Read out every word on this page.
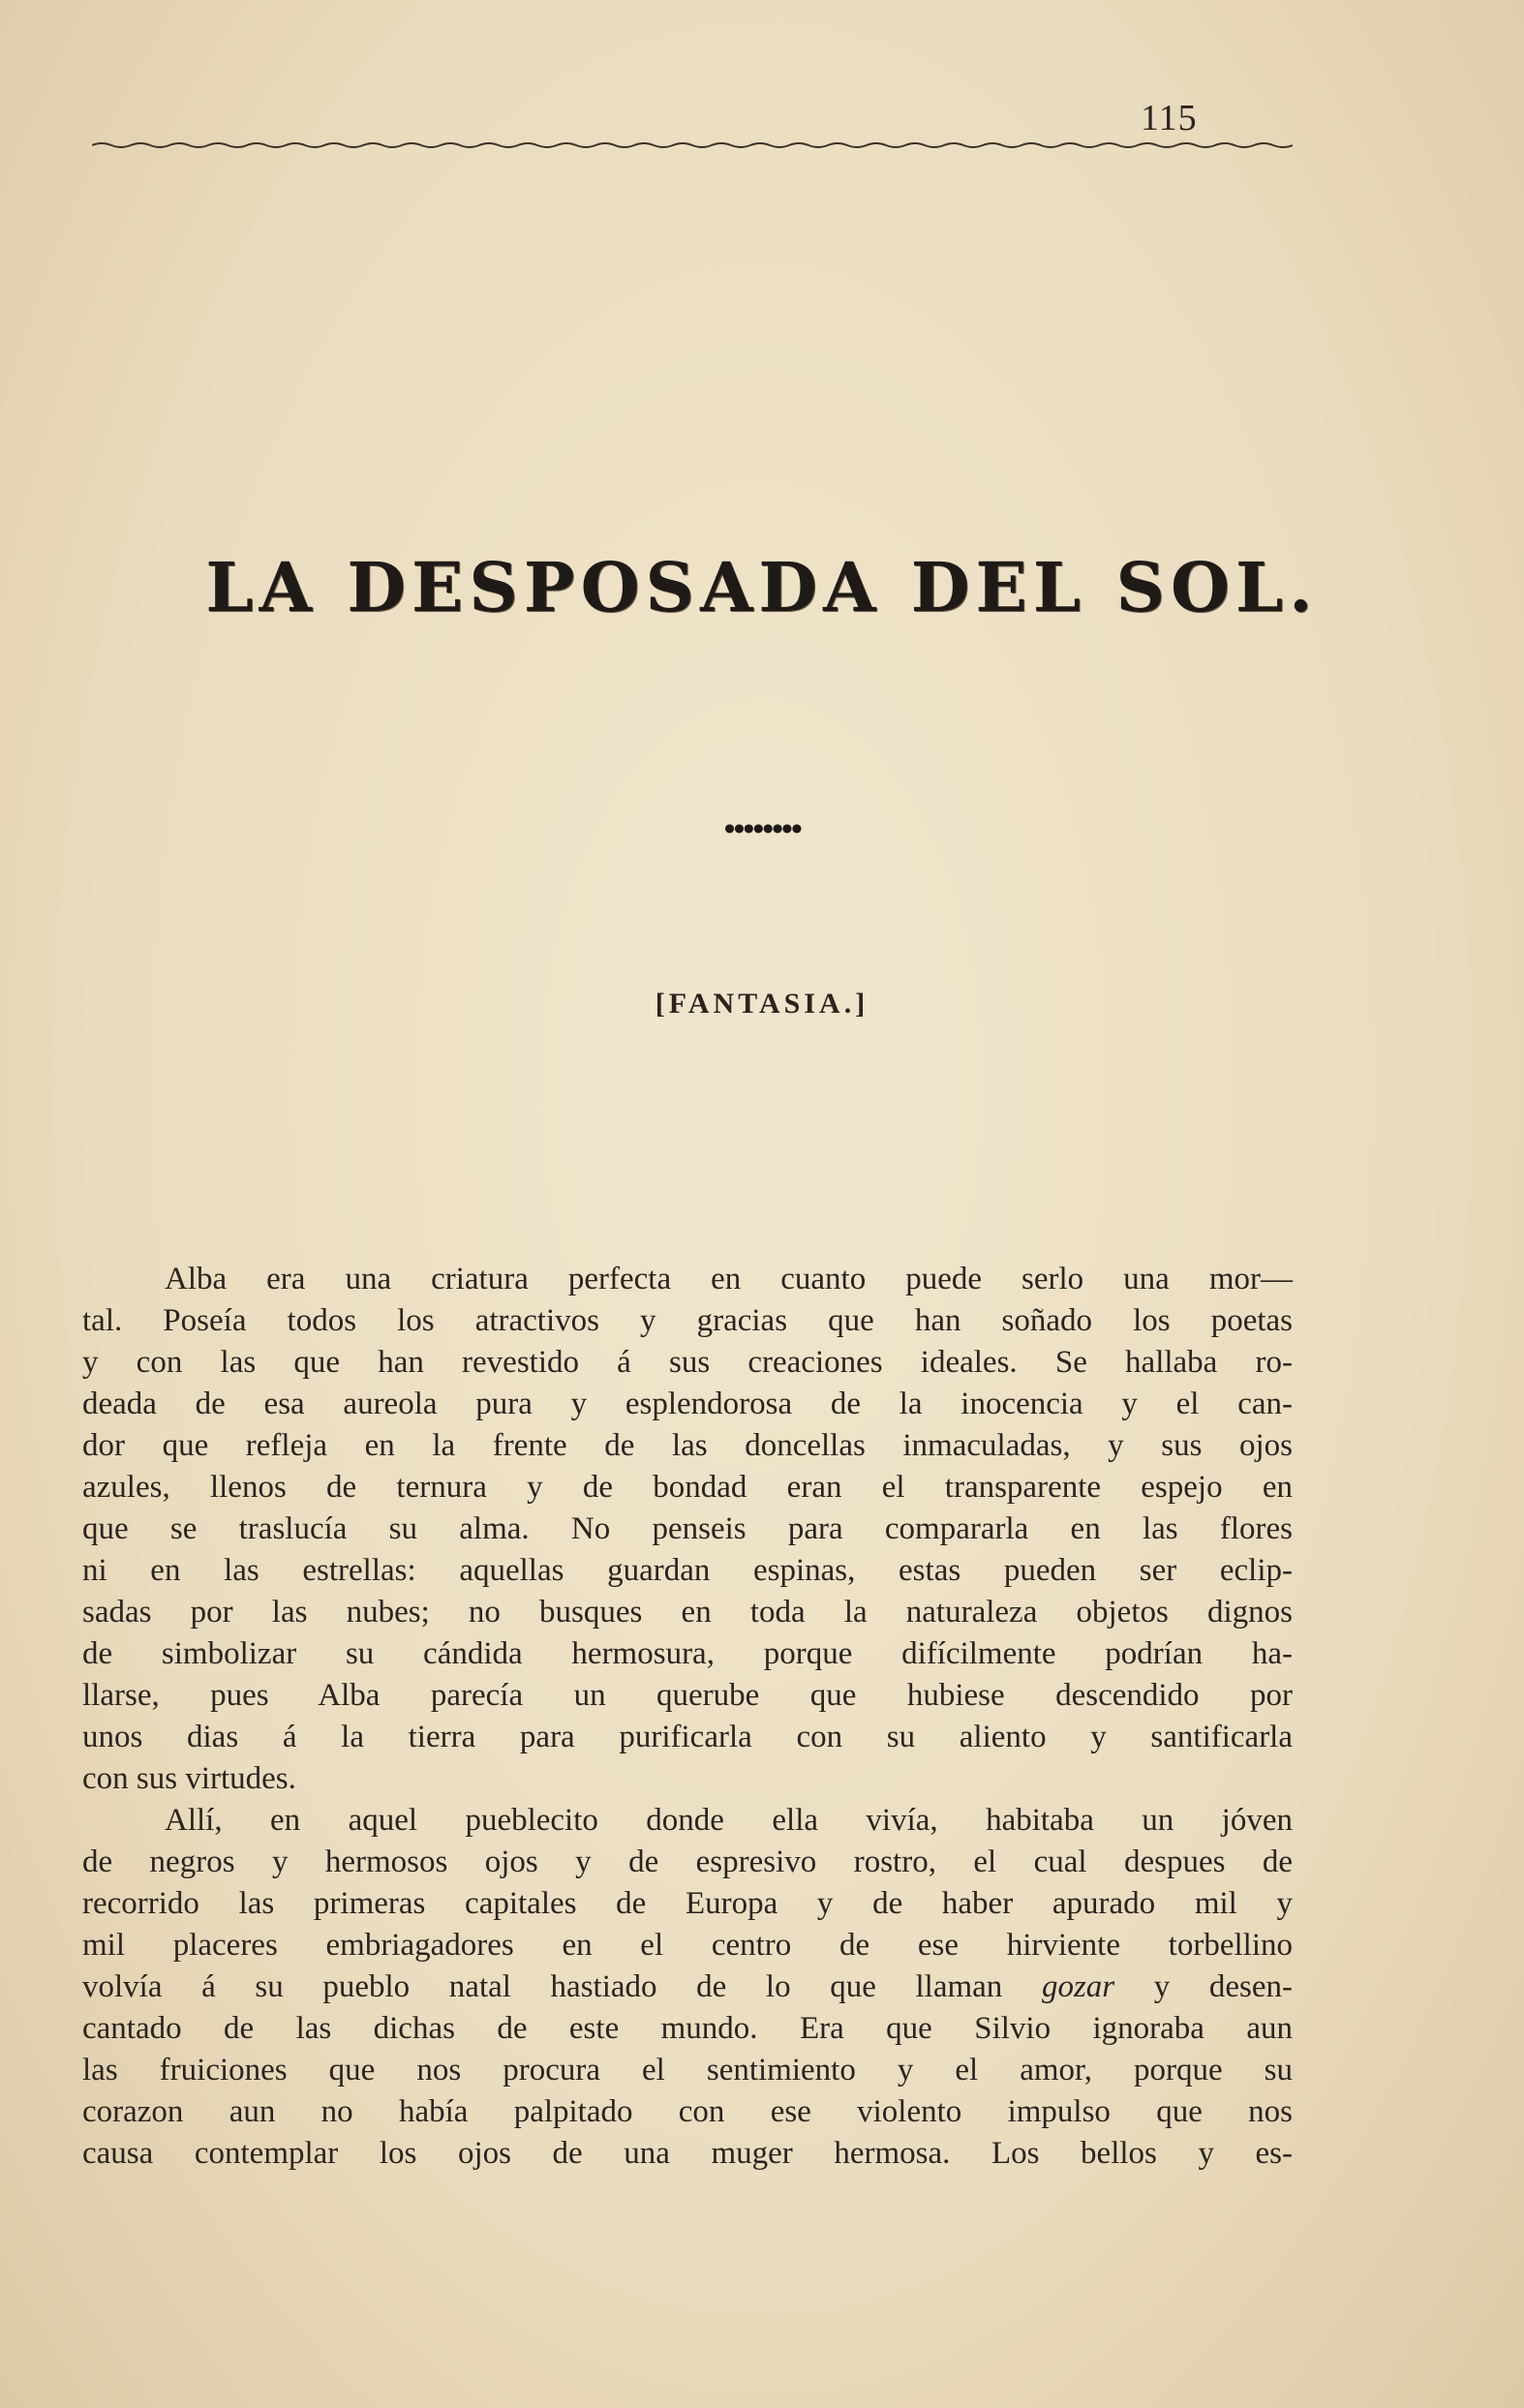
115
LA DESPOSADA DEL SOL.
••••••••
[FANTASIA.]
Alba era una criatura perfecta en cuanto puede serlo una mor—
tal. Poseía todos los atractivos y gracias que han soñado los poetas
y con las que han revestido á sus creaciones ideales. Se hallaba ro-
deada de esa aureola pura y esplendorosa de la inocencia y el can-
dor que refleja en la frente de las doncellas inmaculadas, y sus ojos
azules, llenos de ternura y de bondad eran el transparente espejo en
que se traslucía su alma. No penseis para compararla en las flores
ni en las estrellas: aquellas guardan espinas, estas pueden ser eclip-
sadas por las nubes; no busques en toda la naturaleza objetos dignos
de simbolizar su cándida hermosura, porque difícilmente podrían ha-
llarse, pues Alba parecía un querube que hubiese descendido por
unos dias á la tierra para purificarla con su aliento y santificarla
con sus virtudes.
Allí, en aquel pueblecito donde ella vivía, habitaba un jóven
de negros y hermosos ojos y de espresivo rostro, el cual despues de
recorrido las primeras capitales de Europa y de haber apurado mil y
mil placeres embriagadores en el centro de ese hirviente torbellino
volvía á su pueblo natal hastiado de lo que llaman gozar y desen-
cantado de las dichas de este mundo. Era que Silvio ignoraba aun
las fruiciones que nos procura el sentimiento y el amor, porque su
corazon aun no había palpitado con ese violento impulso que nos
causa contemplar los ojos de una muger hermosa. Los bellos y es-
